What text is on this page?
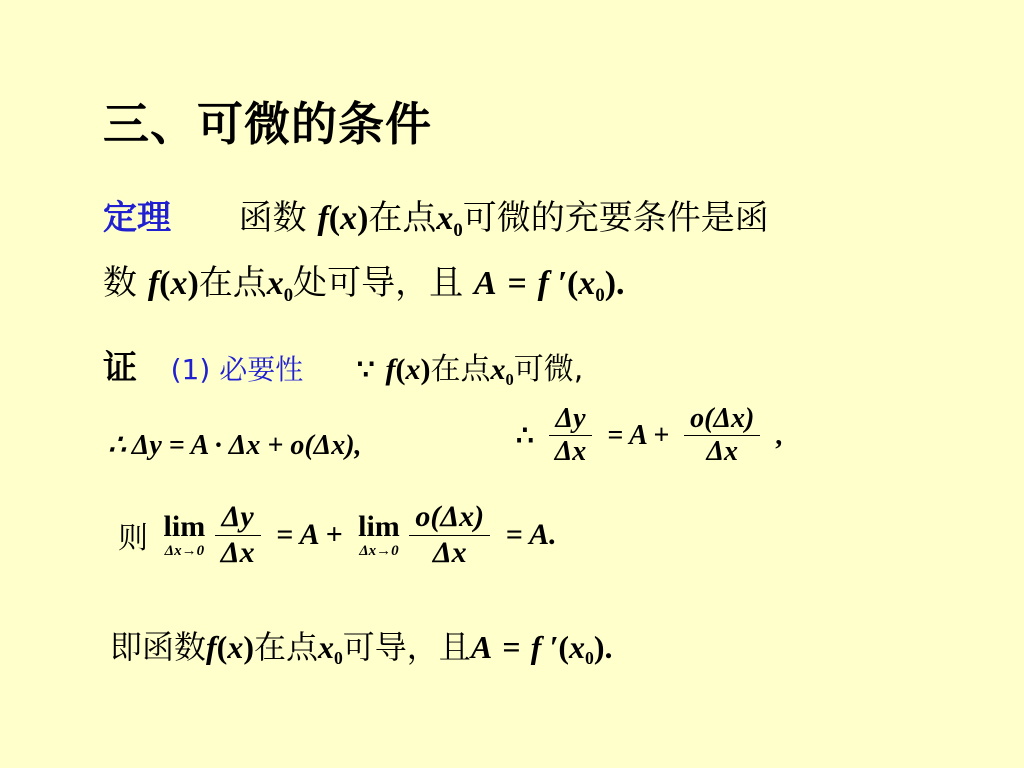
三、可微的条件
定理 函数 f(x)在点x0可微的充要条件是函
数 f(x)在点x0处可导，且 A = f ′(x0).
证 (1) 必要性 ∵ f(x)在点x0可微,
∴ Δy = A · Δx + o(Δx),	∴ $\frac{\Delta y}{\Delta x} = A + \frac{o(\Delta x)}{\Delta x}$ ,
则 lim
Δx→0
$\frac{\Delta y}{\Delta x} = A + \lim$
Δx→0
$\frac{o(\Delta x)}{\Delta x} = A$.
即函数f(x)在点x0可导，且A = f ′(x0).
